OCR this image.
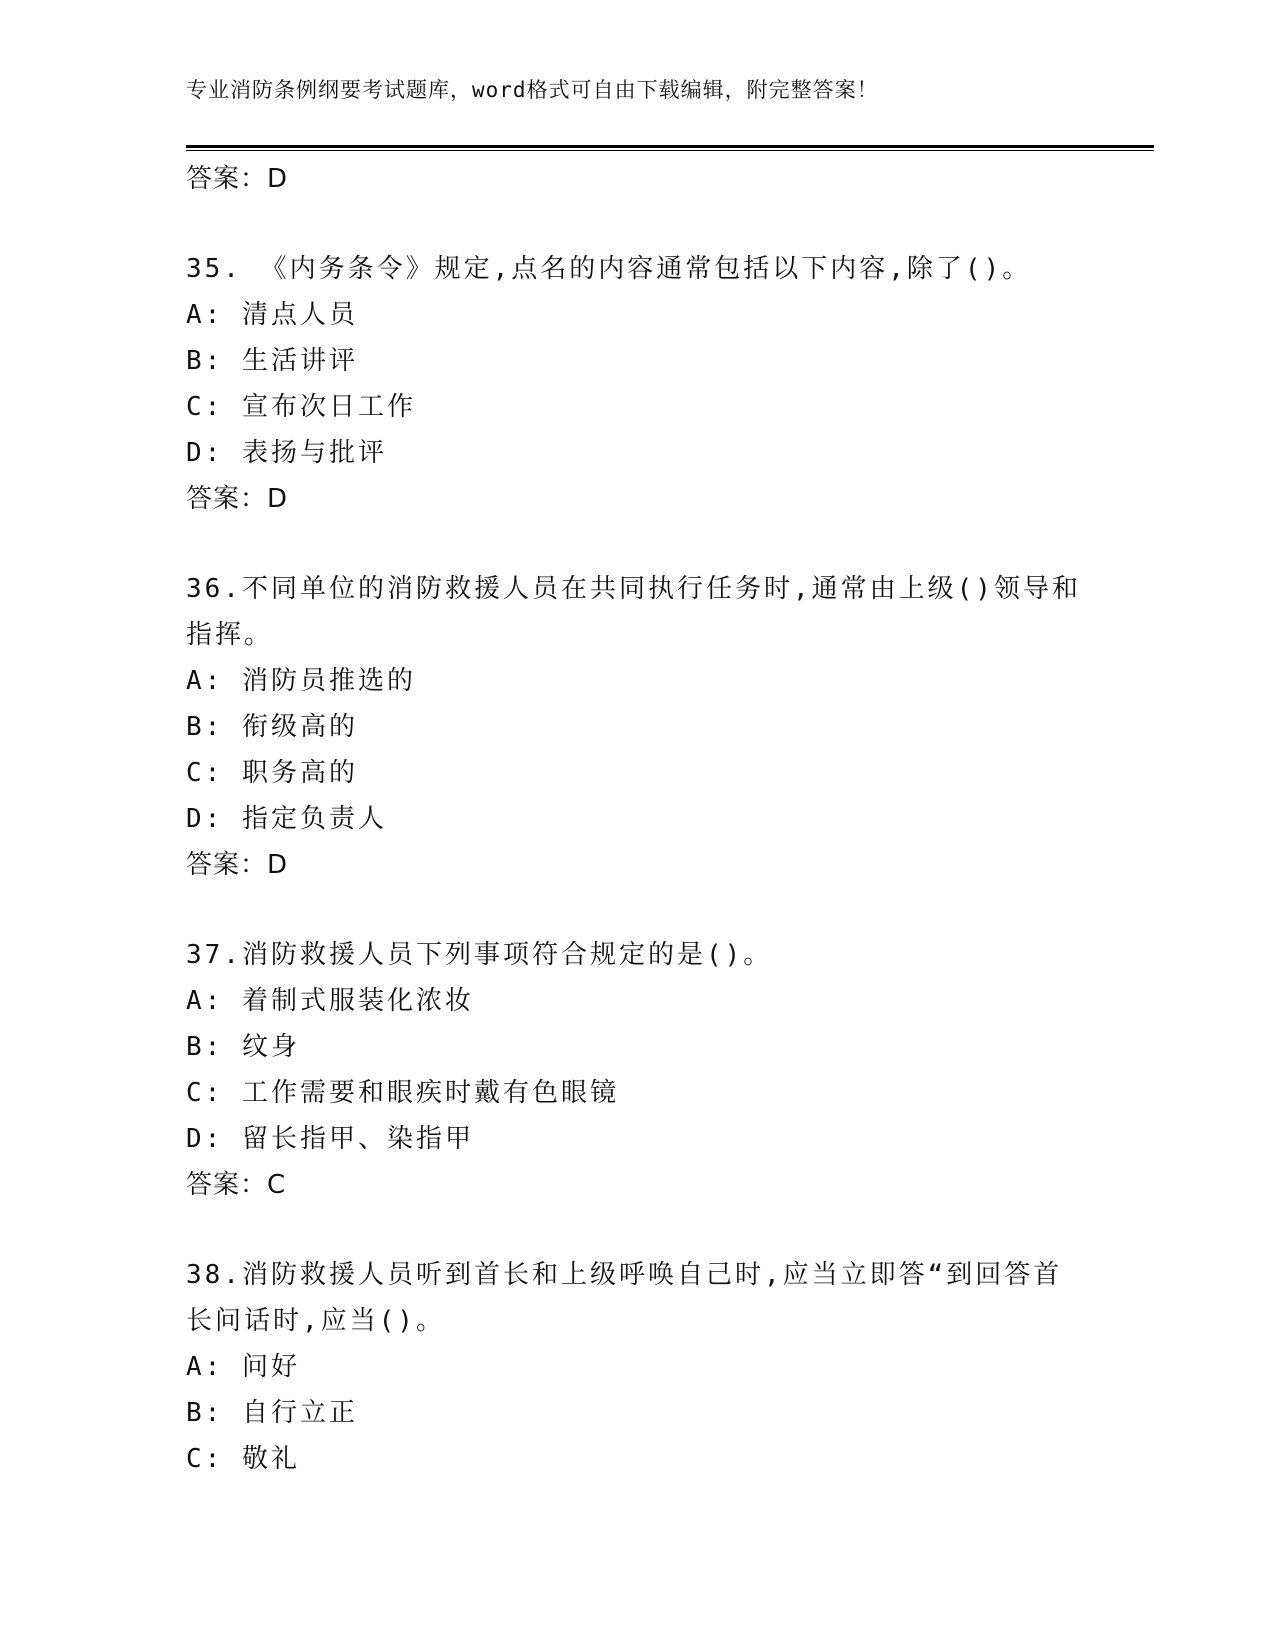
专业消防条例纲要考试题库，word格式可自由下载编辑，附完整答案！
答案：D
35. 《内务条令》规定,点名的内容通常包括以下内容,除了()。
A: 清点人员
B: 生活讲评
C: 宣布次日工作
D: 表扬与批评
答案：D
36.不同单位的消防救援人员在共同执行任务时,通常由上级()领导和
指挥。
A: 消防员推选的
B: 衔级高的
C: 职务高的
D: 指定负责人
答案：D
37.消防救援人员下列事项符合规定的是()。
A: 着制式服装化浓妆
B: 纹身
C: 工作需要和眼疾时戴有色眼镜
D: 留长指甲、染指甲
答案：C
38.消防救援人员听到首长和上级呼唤自己时,应当立即答“到回答首
长问话时,应当()。
A: 问好
B: 自行立正
C: 敬礼
